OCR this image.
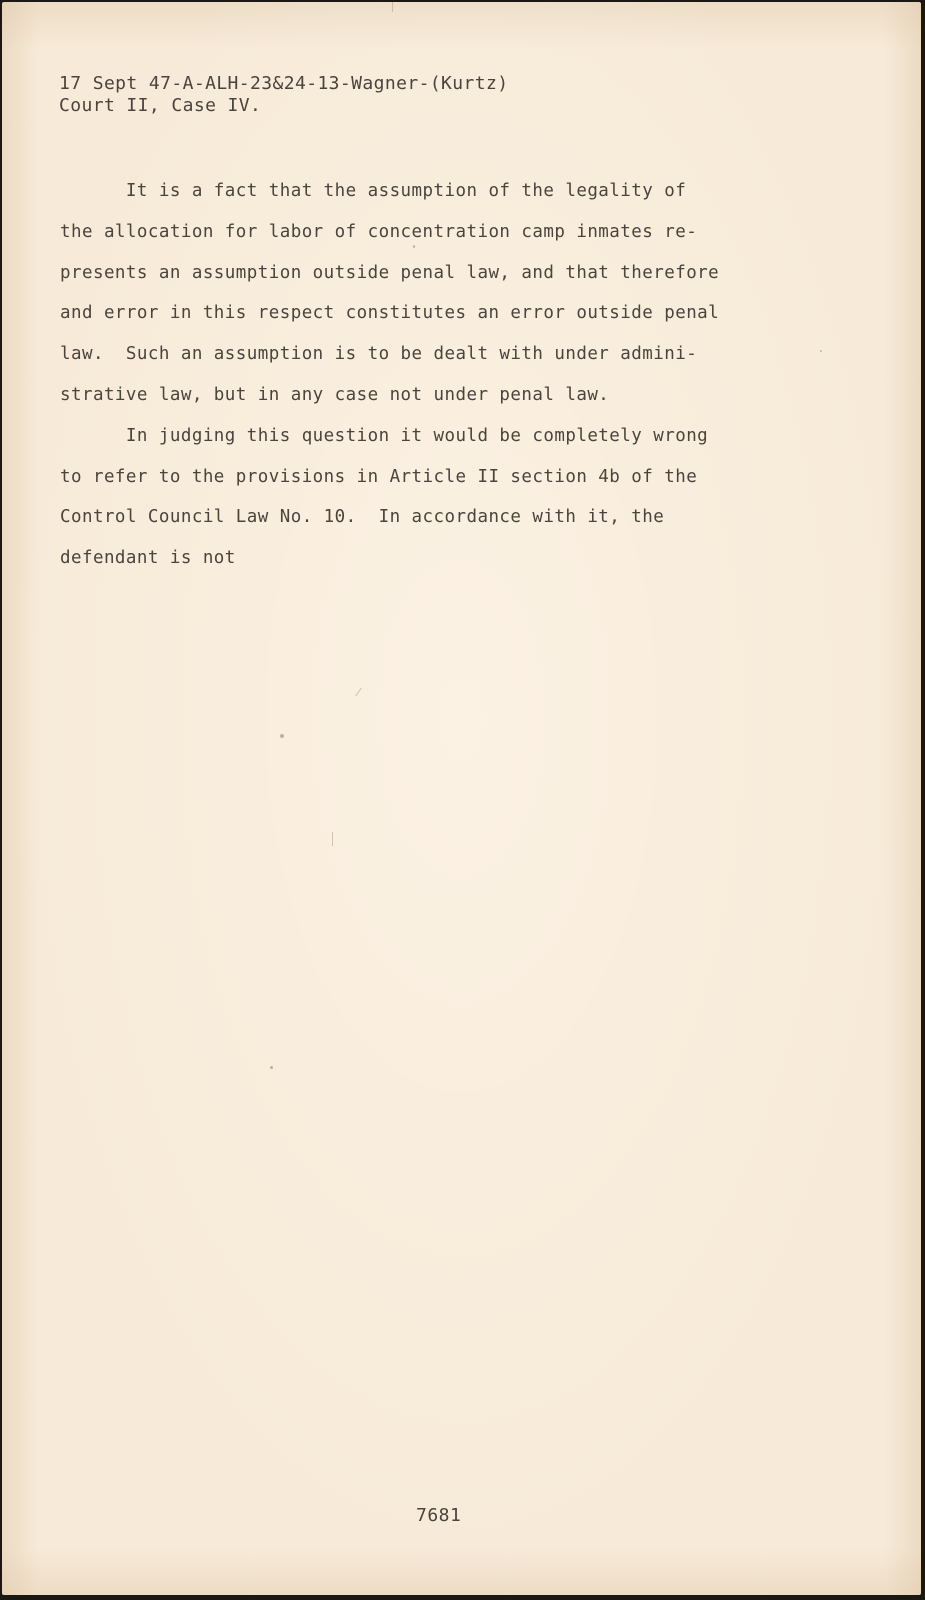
17 Sept 47-A-ALH-23&24-13-Wagner-(Kurtz)
Court II, Case IV.
It is a fact that the assumption of the legality of
the allocation for labor of concentration camp inmates re-
presents an assumption outside penal law, and that therefore
and error in this respect constitutes an error outside penal
law.  Such an assumption is to be dealt with under admini-
strative law, but in any case not under penal law.
In judging this question it would be completely wrong
to refer to the provisions in Article II section 4b of the
Control Council Law No. 10.  In accordance with it, the
defendant is not
7681
